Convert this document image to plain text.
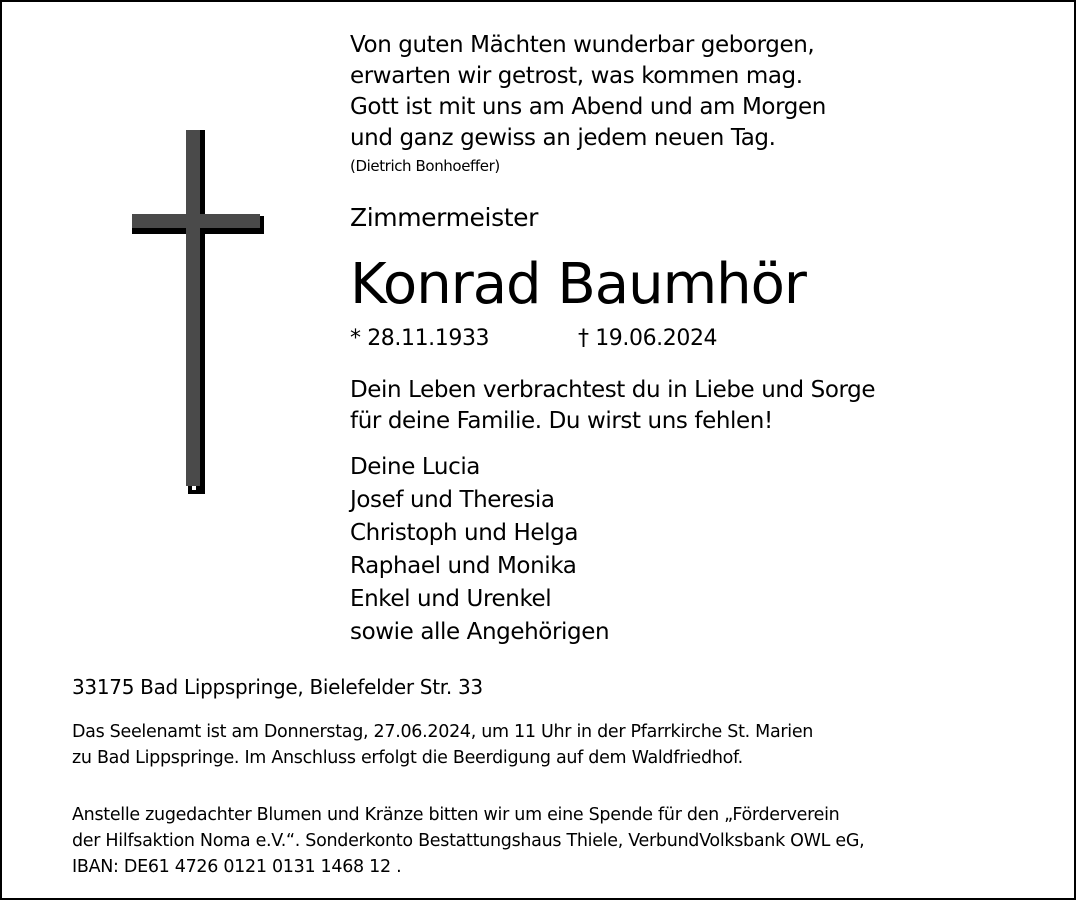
Von guten Mächten wunderbar geborgen,
erwarten wir getrost, was kommen mag.
Gott ist mit uns am Abend und am Morgen
und ganz gewiss an jedem neuen Tag.
(Dietrich Bonhoeffer)
Zimmermeister
Konrad Baumhör
* 28.11.1933	† 19.06.2024
Dein Leben verbrachtest du in Liebe und Sorge
für deine Familie. Du wirst uns fehlen!
Deine Lucia
Josef und Theresia
Christoph und Helga
Raphael und Monika
Enkel und Urenkel
sowie alle Angehörigen
33175 Bad Lippspringe, Bielefelder Str. 33
Das Seelenamt ist am Donnerstag, 27.06.2024, um 11 Uhr in der Pfarrkirche St. Marien
zu Bad Lippspringe. Im Anschluss erfolgt die Beerdigung auf dem Waldfriedhof.
Anstelle zugedachter Blumen und Kränze bitten wir um eine Spende für den „Förderverein
der Hilfsaktion Noma e.V.“. Sonderkonto Bestattungshaus Thiele, VerbundVolksbank OWL eG,
IBAN: DE61 4726 0121 0131 1468 12 .
